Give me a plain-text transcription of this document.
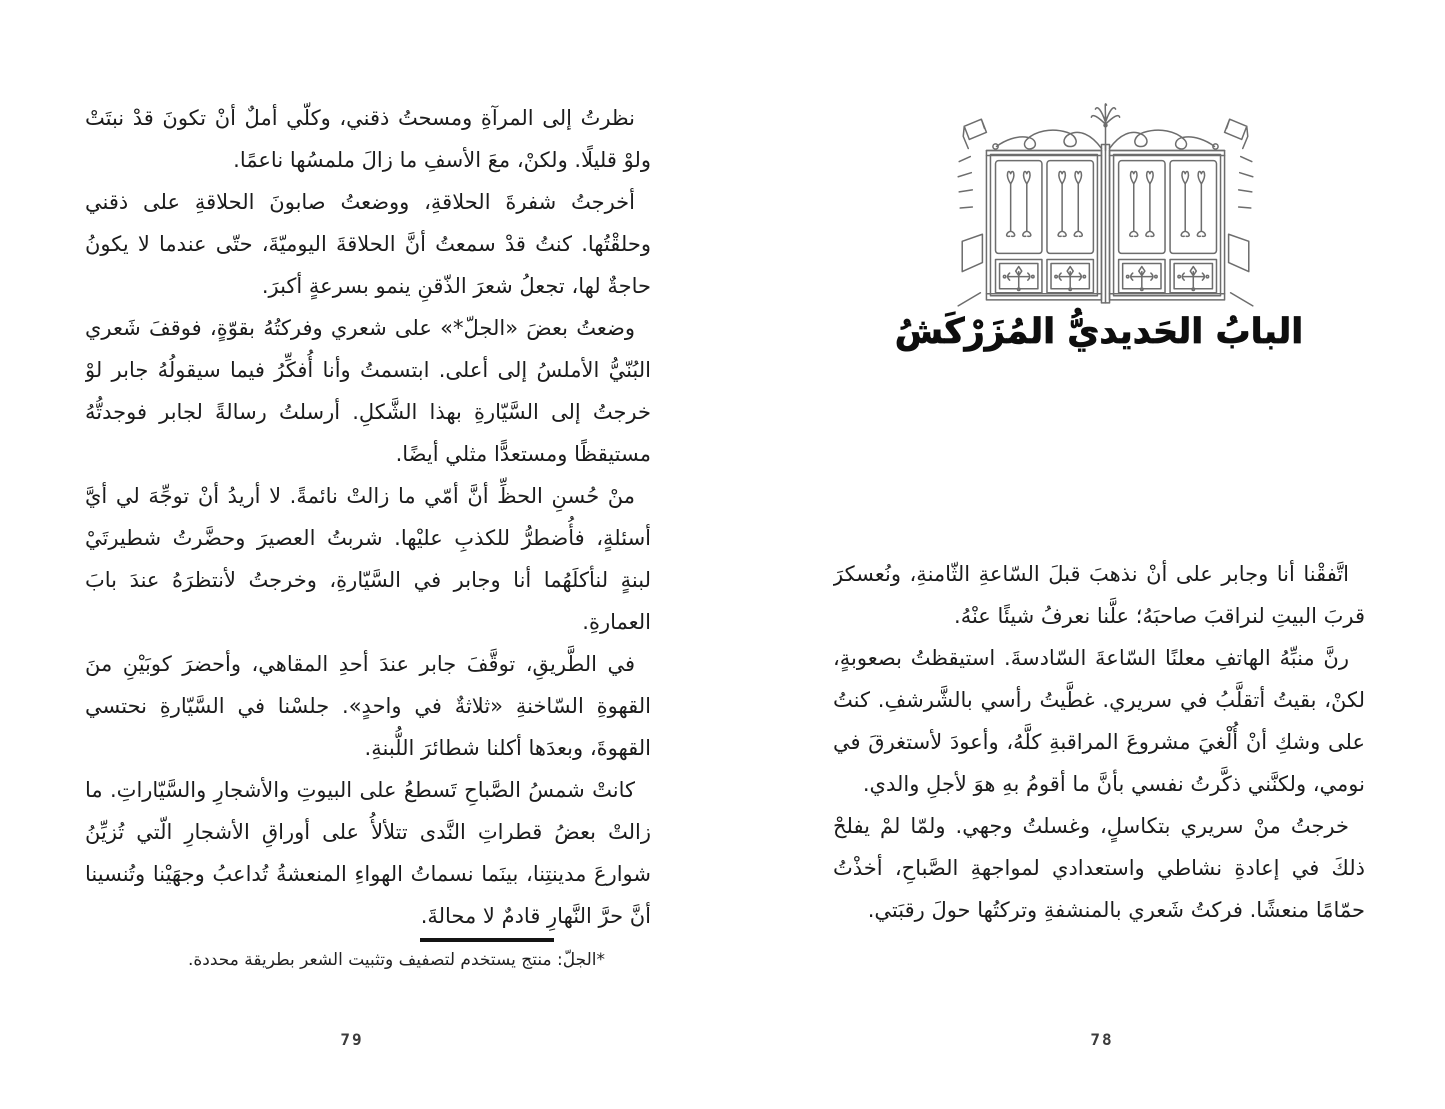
البابُ الحَديديُّ المُزَرْكَشُ

اتَّفقْنا أنا وجابر على أنْ نذهبَ قبلَ السّاعةِ الثّامنةِ، ونُعسكرَ قربَ البيتِ لنراقبَ صاحبَهُ؛ علَّنا نعرفُ شيئًا عنْهُ.

رنَّ منبِّهُ الهاتفِ معلنًا السّاعةَ السّادسةَ. استيقظتُ بصعوبةٍ، لكنْ، بقيتُ أتقلَّبُ في سريري. غطَّيتُ رأسي بالشَّرشفِ. كنتُ على وشكِ أنْ أُلْغيَ مشروعَ المراقبةِ كلَّهُ، وأعودَ لأستغرقَ في نومي، ولكنَّني ذكَّرتُ نفسي بأنَّ ما أقومُ بهِ هوَ لأجلِ والدي.

خرجتُ منْ سريري بتكاسلٍ، وغسلتُ وجهي. ولمّا لمْ يفلحْ ذلكَ في إعادةِ نشاطي واستعدادي لمواجهةِ الصَّباحِ، أخذْتُ حمّامًا منعشًا. فركتُ شَعري بالمنشفةِ وتركتُها حولَ رقبَتي.

78

نظرتُ إلى المرآةِ ومسحتُ ذقني، وكلّي أملٌ أنْ تكونَ قدْ نبتَتْ ولوْ قليلًا. ولكنْ، معَ الأسفِ ما زالَ ملمسُها ناعمًا.

أخرجتُ شفرةَ الحلاقةِ، ووضعتُ صابونَ الحلاقةِ على ذقني وحلقْتُها. كنتُ قدْ سمعتُ أنَّ الحلاقةَ اليوميّةَ، حتّى عندما لا يكونُ حاجةٌ لها، تجعلُ شعرَ الذّقنِ ينمو بسرعةٍ أكبرَ.

وضعتُ بعضَ «الجلّ*» على شعري وفركتُهُ بقوّةٍ، فوقفَ شَعري البُنّيُّ الأملسُ إلى أعلى. ابتسمتُ وأنا أُفكِّرُ فيما سيقولُهُ جابر لوْ خرجتُ إلى السَّيّارةِ بهذا الشَّكلِ. أرسلتُ رسالةً لجابر فوجدتُّهُ مستيقظًا ومستعدًّا مثلي أيضًا.

منْ حُسنِ الحظِّ أنَّ أمّي ما زالتْ نائمةً. لا أريدُ أنْ توجِّهَ لي أيَّ أسئلةٍ، فأُضطرُّ للكذبِ عليْها. شربتُ العصيرَ وحضَّرتُ شطيرتَيْ لبنةٍ لنأكلَهُما أنا وجابر في السَّيّارةِ، وخرجتُ لأنتظرَهُ عندَ بابَ العمارةِ.

في الطَّريقِ، توقَّفَ جابر عندَ أحدِ المقاهي، وأحضرَ كوبَيْنِ منَ القهوةِ السّاخنةِ «ثلاثةٌ في واحدٍ». جلسْنا في السَّيّارةِ نحتسي القهوةَ، وبعدَها أكلنا شطائرَ اللُّبنةِ.

كانتْ شمسُ الصَّباحِ تَسطعُ على البيوتِ والأشجارِ والسَّيّاراتِ. ما زالتْ بعضُ قطراتِ النَّدى تتلألأُ على أوراقِ الأشجارِ الّتي تُزيِّنُ شوارعَ مدينتِنا، بينَما نسماتُ الهواءِ المنعشةُ تُداعبُ وجهَيْنا وتُنسينا أنَّ حرَّ النَّهارِ قادمٌ لا محالةَ.

*الجلّ: منتج يستخدم لتصفيف وتثبيت الشعر بطريقة محددة.
79
